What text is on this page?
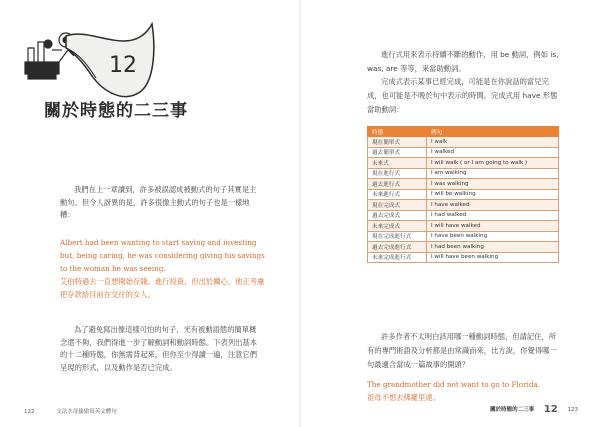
12
關於時態的二三事

我們在上一章讀到，許多被誤認成被動式的句子其實是主動句。但令人訝異的是，許多很像主動式的句子也是一樣地糟：

Albert had been wanting to start saving and investing but, being caring, he was considering giving his savings to the woman he was seeing.
艾伯特過去一直想開始存錢、進行投資，但出於關心，他正考慮把存款給目前在交往的女人。

為了避免寫出像這樣可怕的句子，光有被動語態的簡單概念還不夠，我們得進一步了解動詞和動詞時態。下表列出基本的十二種時態，你無需背起來，但你至少得讀一遍，注意它們呈現的形式，以及動作是否已完成。

122	文法水母偷偷寫英文體句

進行式用來表示持續不斷的動作，用 be 動詞，例如 is, was, are 等等，來當助動詞。

完成式表示某事已經完成，可能是在你說話的當兒完成，也可能是不晚於句中表示的時間。完成式用 have 形態當助動詞：

時態	例句
現在簡單式	I walk
過去簡單式	I walked
未來式	I will walk ( or I am going to walk )
現在進行式	I am walking
過去進行式	I was walking
未來進行式	I will be walking
現在完成式	I have walked
過去完成式	I had walked
未來完成式	I will have walked
現在完成進行式	I have been walking
過去完成進行式	I had been walking
未來完成進行式	I will have been walking

許多作者不太明白該用哪一種動詞時態，但請記住，所有的專門術語及分析都是由常識而來，比方說，你覺得哪一句最適合當成一篇故事的開頭？

The grandmother did not want to go to Florida.
祖母不想去佛羅里達。
關於時態的二三事 12 123
